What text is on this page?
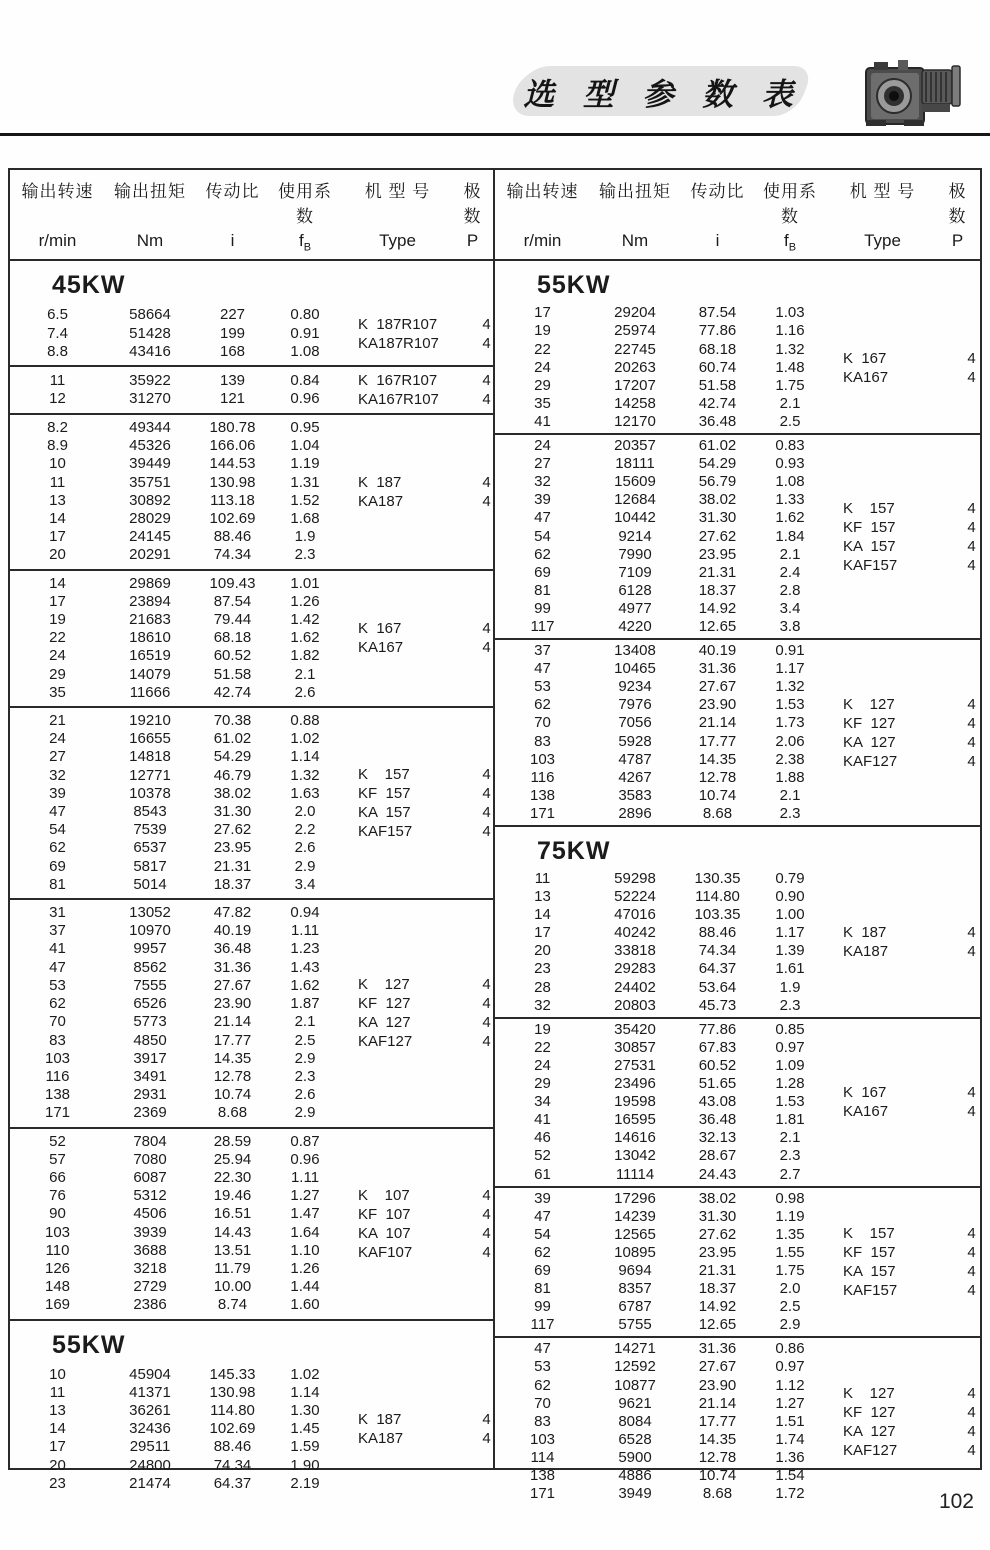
选 型 参 数 表
输出转速	输出扭矩	传动比	使用系数
机 型 号	极 数
r/min	Nm	i	$f_B$	Type	P
45KW
6.5	58664	227	0.80
7.4	51428	199	0.91
8.8	43416	168	1.08
K  187R107	4
KA187R107	4
11	35922	139	0.84
12	31270	121	0.96
K  167R107	4
KA167R107	4
8.2	49344	180.78	0.95
8.9	45326	166.06	1.04
10	39449	144.53	1.19
11	35751	130.98	1.31
13	30892	113.18	1.52
14	28029	102.69	1.68
17	24145	88.46	1.9
20	20291	74.34	2.3
K  187	4
KA187	4
14	29869	109.43	1.01
17	23894	87.54	1.26
19	21683	79.44	1.42
22	18610	68.18	1.62
24	16519	60.52	1.82
29	14079	51.58	2.1
35	11666	42.74	2.6
K  167	4
KA167	4
21	19210	70.38	0.88
24	16655	61.02	1.02
27	14818	54.29	1.14
32	12771	46.79	1.32
39	10378	38.02	1.63
47	8543	31.30	2.0
54	7539	27.62	2.2
62	6537	23.95	2.6
69	5817	21.31	2.9
81	5014	18.37	3.4
K    157	4
KF  157	4
KA  157	4
KAF157	4
31	13052	47.82	0.94
37	10970	40.19	1.11
41	9957	36.48	1.23
47	8562	31.36	1.43
53	7555	27.67	1.62
62	6526	23.90	1.87
70	5773	21.14	2.1
83	4850	17.77	2.5
103	3917	14.35	2.9
116	3491	12.78	2.3
138	2931	10.74	2.6
171	2369	8.68	2.9
K    127	4
KF  127	4
KA  127	4
KAF127	4
52	7804	28.59	0.87
57	7080	25.94	0.96
66	6087	22.30	1.11
76	5312	19.46	1.27
90	4506	16.51	1.47
103	3939	14.43	1.64
110	3688	13.51	1.10
126	3218	11.79	1.26
148	2729	10.00	1.44
169	2386	8.74	1.60
K    107	4
KF  107	4
KA  107	4
KAF107	4
55KW
10	45904	145.33	1.02
11	41371	130.98	1.14
13	36261	114.80	1.30
14	32436	102.69	1.45
17	29511	88.46	1.59
20	24800	74.34	1.90
23	21474	64.37	2.19
K  187	4
KA187	4
输出转速	输出扭矩	传动比	使用系数
机 型 号	极 数
r/min	Nm	i	$f_B$	Type	P
55KW
17	29204	87.54	1.03
19	25974	77.86	1.16
22	22745	68.18	1.32
24	20263	60.74	1.48
29	17207	51.58	1.75
35	14258	42.74	2.1
41	12170	36.48	2.5
K  167	4
KA167	4
24	20357	61.02	0.83
27	18111	54.29	0.93
32	15609	56.79	1.08
39	12684	38.02	1.33
47	10442	31.30	1.62
54	9214	27.62	1.84
62	7990	23.95	2.1
69	7109	21.31	2.4
81	6128	18.37	2.8
99	4977	14.92	3.4
117	4220	12.65	3.8
K    157	4
KF  157	4
KA  157	4
KAF157	4
37	13408	40.19	0.91
47	10465	31.36	1.17
53	9234	27.67	1.32
62	7976	23.90	1.53
70	7056	21.14	1.73
83	5928	17.77	2.06
103	4787	14.35	2.38
116	4267	12.78	1.88
138	3583	10.74	2.1
171	2896	8.68	2.3
K    127	4
KF  127	4
KA  127	4
KAF127	4
75KW
11	59298	130.35	0.79
13	52224	114.80	0.90
14	47016	103.35	1.00
17	40242	88.46	1.17
20	33818	74.34	1.39
23	29283	64.37	1.61
28	24402	53.64	1.9
32	20803	45.73	2.3
K  187	4
KA187	4
19	35420	77.86	0.85
22	30857	67.83	0.97
24	27531	60.52	1.09
29	23496	51.65	1.28
34	19598	43.08	1.53
41	16595	36.48	1.81
46	14616	32.13	2.1
52	13042	28.67	2.3
61	11114	24.43	2.7
K  167	4
KA167	4
39	17296	38.02	0.98
47	14239	31.30	1.19
54	12565	27.62	1.35
62	10895	23.95	1.55
69	9694	21.31	1.75
81	8357	18.37	2.0
99	6787	14.92	2.5
117	5755	12.65	2.9
K    157	4
KF  157	4
KA  157	4
KAF157	4
47	14271	31.36	0.86
53	12592	27.67	0.97
62	10877	23.90	1.12
70	9621	21.14	1.27
83	8084	17.77	1.51
103	6528	14.35	1.74
114	5900	12.78	1.36
138	4886	10.74	1.54
171	3949	8.68	1.72
K    127	4
KF  127	4
KA  127	4
KAF127	4
102
